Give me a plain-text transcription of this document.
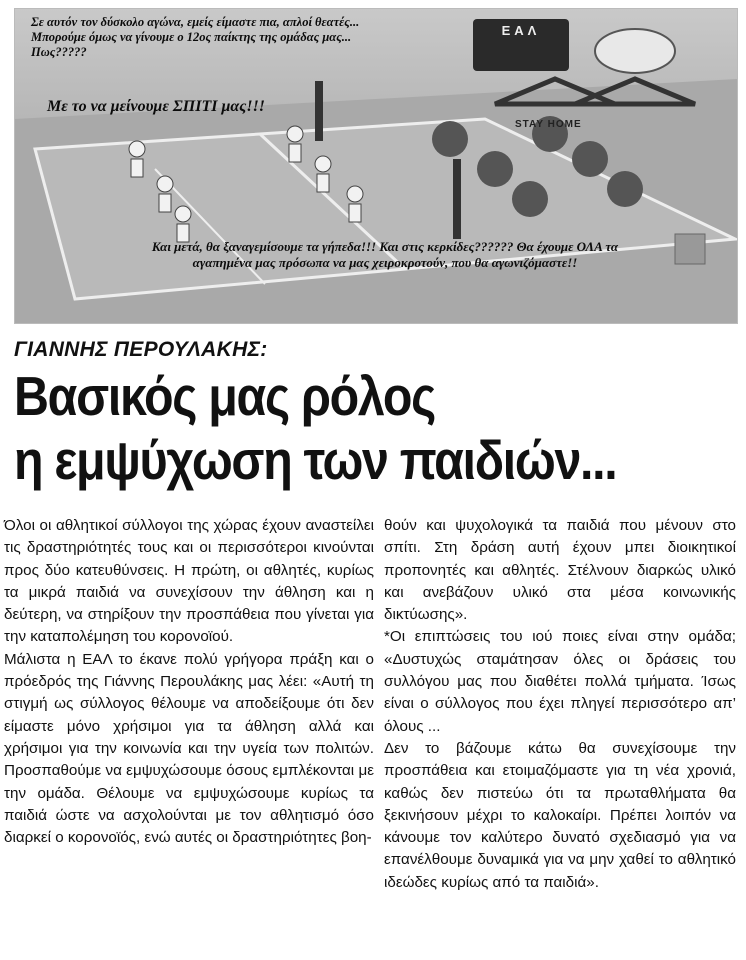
Σε αυτόν τον δύσκολο αγώνα, εμείς είμαστε πια, απλοί θεατές... Μπορούμε όμως να γίνουμε ο 12ος παίκτης της ομάδας μας... Πως?????

Με το να μείνουμε ΣΠΙΤΙ μας!!!

Και μετά, θα ξαναγεμίσουμε τα γήπεδα!!! Και στις κερκίδες?????? Θα έχουμε ΟΛΑ τα αγαπημένα μας πρόσωπα να μας χειροκροτούν, που θα αγωνιζόμαστε!!

ΕΑΛ
STAY HOME
ΓΙΑΝΝΗΣ ΠΕΡΟΥΛΑΚΗΣ:
Βασικός μας ρόλος
η εμψύχωση των παιδιών...

Όλοι οι αθλητικοί σύλλογοι της χώρας έχουν αναστείλει τις δραστηριότητές τους και οι περισσότεροι κινούνται προς δύο κατευθύνσεις. Η πρώτη, οι αθλητές, κυρίως τα μικρά παιδιά να συνεχίσουν την άθληση και η δεύτερη, να στηρίξουν την προσπάθεια που γίνεται για την καταπολέμηση του κορονοϊού.

Μάλιστα η ΕΑΛ το έκανε πολύ γρήγορα πράξη και ο πρόεδρός της Γιάννης Περουλάκης μας λέει: «Αυτή τη στιγμή ως σύλλογος θέλουμε να αποδείξουμε ότι δεν είμαστε μόνο χρήσιμοι για τα άθληση αλλά και χρήσιμοι για την κοινωνία και την υγεία των πολιτών. Προσπαθούμε να εμψυχώσουμε όσους εμπλέκονται με την ομάδα. Θέλουμε να εμψυχώσουμε κυρίως τα παιδιά ώστε να ασχολούνται με τον αθλητισμό όσο διαρκεί ο κορονοϊός, ενώ αυτές οι δραστηριότητες βοη-

θούν και ψυχολογικά τα παιδιά που μένουν στο σπίτι. Στη δράση αυτή έχουν μπει διοικητικοί προπονητές και αθλητές. Στέλνουν διαρκώς υλικό και ανεβάζουν υλικό στα μέσα κοινωνικής δικτύωσης».

*Οι επιπτώσεις του ιού ποιες είναι στην ομάδα; «Δυστυχώς σταμάτησαν όλες οι δράσεις του συλλόγου μας που διαθέτει πολλά τμήματα. Ίσως είναι ο σύλλογος που έχει πληγεί περισσότερο απ’ όλους ...

Δεν το βάζουμε κάτω θα συνεχίσουμε την προσπάθεια και ετοιμαζόμαστε για τη νέα χρονιά, καθώς δεν πιστεύω ότι τα πρωταθλήματα θα ξεκινήσουν μέχρι το καλοκαίρι. Πρέπει λοιπόν να κάνουμε τον καλύτερο δυνατό σχεδιασμό για να επανέλθουμε δυναμικά για να μην χαθεί το αθλητικό ιδεώδες κυρίως από τα παιδιά».
